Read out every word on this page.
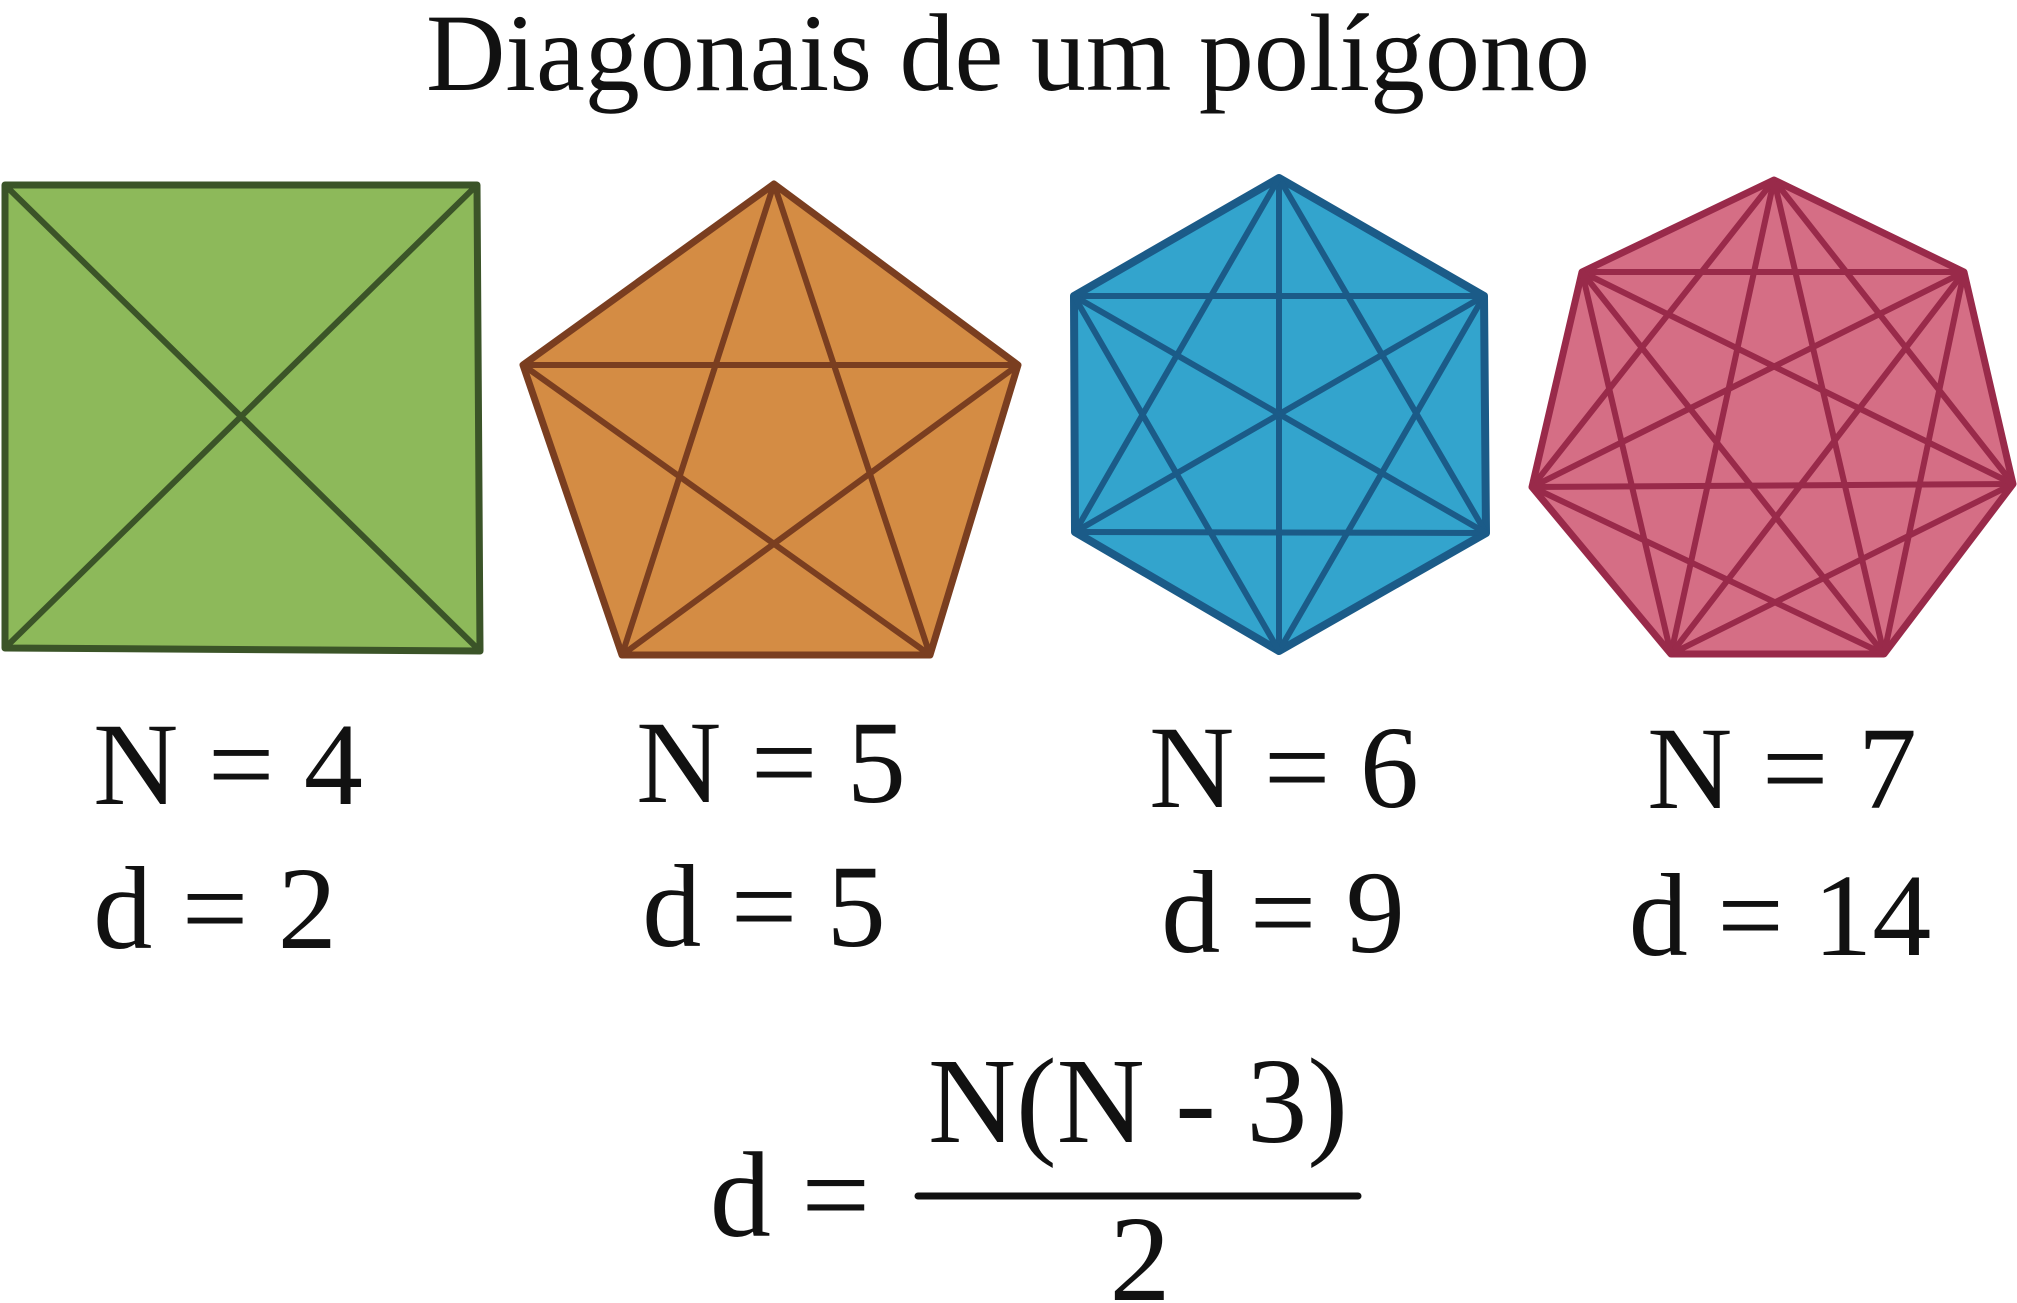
Diagonais de um polígono
N = 4
d = 2
N = 5
d = 5
N = 6
d = 9
N = 7
d = 14
d =
N(N - 3)
2
